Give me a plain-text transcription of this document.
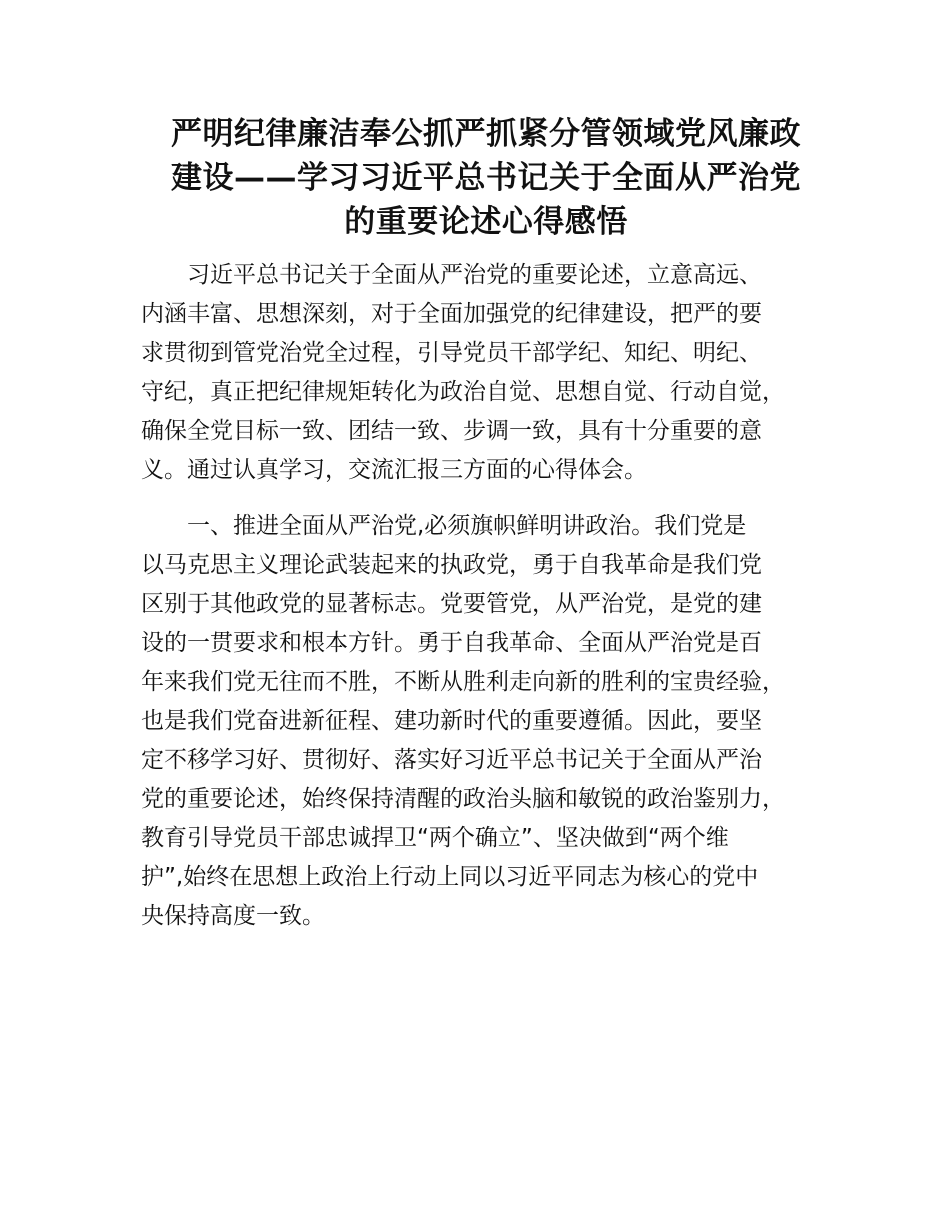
严明纪律廉洁奉公抓严抓紧分管领域党风廉政
建设——学习习近平总书记关于全面从严治党
的重要论述心得感悟

习近平总书记关于全面从严治党的重要论述，立意高远、
内涵丰富、思想深刻，对于全面加强党的纪律建设，把严的要
求贯彻到管党治党全过程，引导党员干部学纪、知纪、明纪、
守纪，真正把纪律规矩转化为政治自觉、思想自觉、行动自觉，
确保全党目标一致、团结一致、步调一致，具有十分重要的意
义。通过认真学习，交流汇报三方面的心得体会。

一、推进全面从严治党,必须旗帜鲜明讲政治。我们党是
以马克思主义理论武装起来的执政党，勇于自我革命是我们党
区别于其他政党的显著标志。党要管党，从严治党，是党的建
设的一贯要求和根本方针。勇于自我革命、全面从严治党是百
年来我们党无往而不胜，不断从胜利走向新的胜利的宝贵经验，
也是我们党奋进新征程、建功新时代的重要遵循。因此，要坚
定不移学习好、贯彻好、落实好习近平总书记关于全面从严治
党的重要论述，始终保持清醒的政治头脑和敏锐的政治鉴别力，
教育引导党员干部忠诚捍卫“两个确立”、坚决做到“两个维
护”,始终在思想上政治上行动上同以习近平同志为核心的党中
央保持高度一致。
